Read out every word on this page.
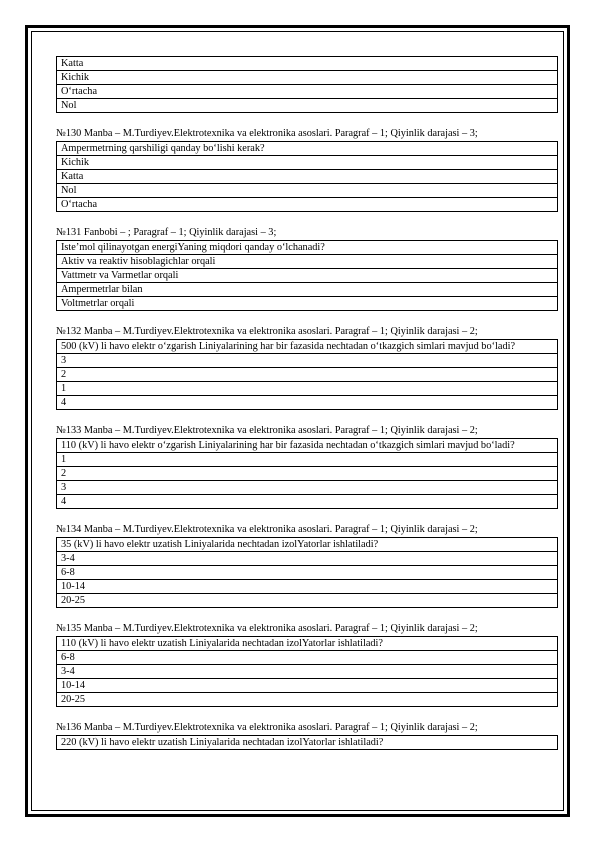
Katta
Kichik
O‘rtacha
Nol
№130 Manba – M.Turdiyev.Elektrotexnika va elektronika asoslari. Paragraf – 1; Qiyinlik darajasi – 3;
Ampermetrning qarshiligi qanday bo‘lishi kerak?
Kichik
Katta
Nol
O‘rtacha
№131 Fanbobi – ; Paragraf – 1; Qiyinlik darajasi – 3;
Iste’mol qilinayotgan energiYaning miqdori qanday o‘lchanadi?
Aktiv va reaktiv hisoblagichlar orqali
Vattmetr va Varmetlar orqali
Ampermetrlar bilan
Voltmetrlar orqali
№132 Manba – M.Turdiyev.Elektrotexnika va elektronika asoslari. Paragraf – 1; Qiyinlik darajasi – 2;
500 (kV) li havo elektr o‘zgarish Liniyalarining har bir fazasida nechtadan o‘tkazgich simlari mavjud bo‘ladi?
3
2
1
4
№133 Manba – M.Turdiyev.Elektrotexnika va elektronika asoslari. Paragraf – 1; Qiyinlik darajasi – 2;
110 (kV) li havo elektr o‘zgarish Liniyalarining har bir fazasida nechtadan o‘tkazgich simlari mavjud bo‘ladi?
1
2
3
4
№134 Manba – M.Turdiyev.Elektrotexnika va elektronika asoslari. Paragraf – 1; Qiyinlik darajasi – 2;
35 (kV) li havo elektr uzatish Liniyalarida nechtadan izolYatorlar ishlatiladi?
3-4
6-8
10-14
20-25
№135 Manba – M.Turdiyev.Elektrotexnika va elektronika asoslari. Paragraf – 1; Qiyinlik darajasi – 2;
110 (kV) li havo elektr uzatish Liniyalarida nechtadan izolYatorlar ishlatiladi?
6-8
3-4
10-14
20-25
№136 Manba – M.Turdiyev.Elektrotexnika va elektronika asoslari. Paragraf – 1; Qiyinlik darajasi – 2;
220 (kV) li havo elektr uzatish Liniyalarida nechtadan izolYatorlar ishlatiladi?
